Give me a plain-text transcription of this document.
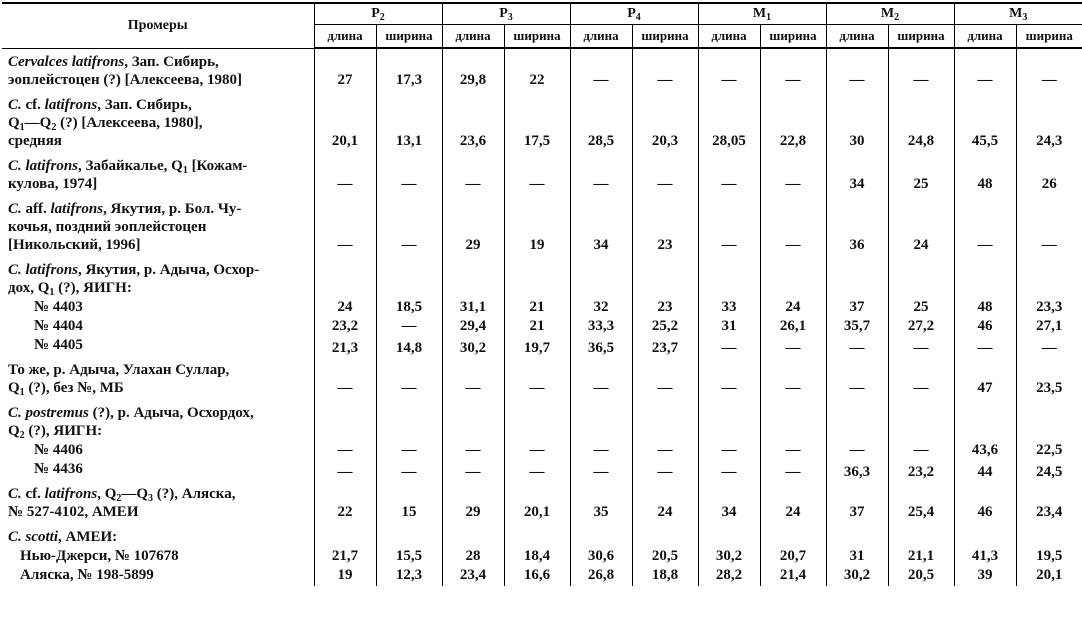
Промеры	$P_2$		$P_3$		$P_4$		$M_1$		$M_2$		$M_3$
	длина	ширина	длина	ширина	длина	ширина	длина	ширина	длина	ширина	длина	ширина

Cervalces latifrons, Зап. Сибирь,
эоплейстоцен (?) [Алексеева, 1980]	27	17,3	29,8	22	—	—	—	—	—	—	—	—

C. cf. latifrons, Зап. Сибирь,
$Q_1—Q_2$ (?) [Алексеева, 1980],
средняя	20,1	13,1	23,6	17,5	28,5	20,3	28,05	22,8	30	24,8	45,5	24,3

C. latifrons, Забайкалье, $Q_1$ [Кожам-
кулова, 1974]	—	—	—	—	—	—	—	—	34	25	48	26

C. aff. latifrons, Якутия, р. Бол. Чу-
кочья, поздний эоплейстоцен
[Никольский, 1996]	—	—	29	19	34	23	—	—	36	24	—	—

C. latifrons, Якутия, р. Адыча, Осхор-
дох, $Q_1$ (?), ЯИГН:												

№ 4403	24	18,5	31,1	21	32	23	33	24	37	25	48	23,3

№ 4404	23,2	—	29,4	21	33,3	25,2	31	26,1	35,7	27,2	46	27,1

№ 4405	21,3	14,8	30,2	19,7	36,5	23,7	—	—	—	—	—	—

То же, р. Адыча, Улахан Суллар,
$Q_1$ (?), без №, МБ	—	—	—	—	—	—	—	—	—	—	47	23,5

C. postremus (?), р. Адыча, Осхордох,
$Q_2$ (?), ЯИГН:												

№ 4406	—	—	—	—	—	—	—	—	—	—	43,6	22,5

№ 4436	—	—	—	—	—	—	—	—	36,3	23,2	44	24,5

C. cf. latifrons, $Q_2—Q_3$ (?), Аляска,
№ 527-4102, АМЕИ	22	15	29	20,1	35	24	34	24	37	25,4	46	23,4

C. scotti, АМЕИ:												

Нью-Джерси, № 107678	21,7	15,5	28	18,4	30,6	20,5	30,2	20,7	31	21,1	41,3	19,5

Аляска, № 198-5899	19	12,3	23,4	16,6	26,8	18,8	28,2	21,4	30,2	20,5	39	20,1
